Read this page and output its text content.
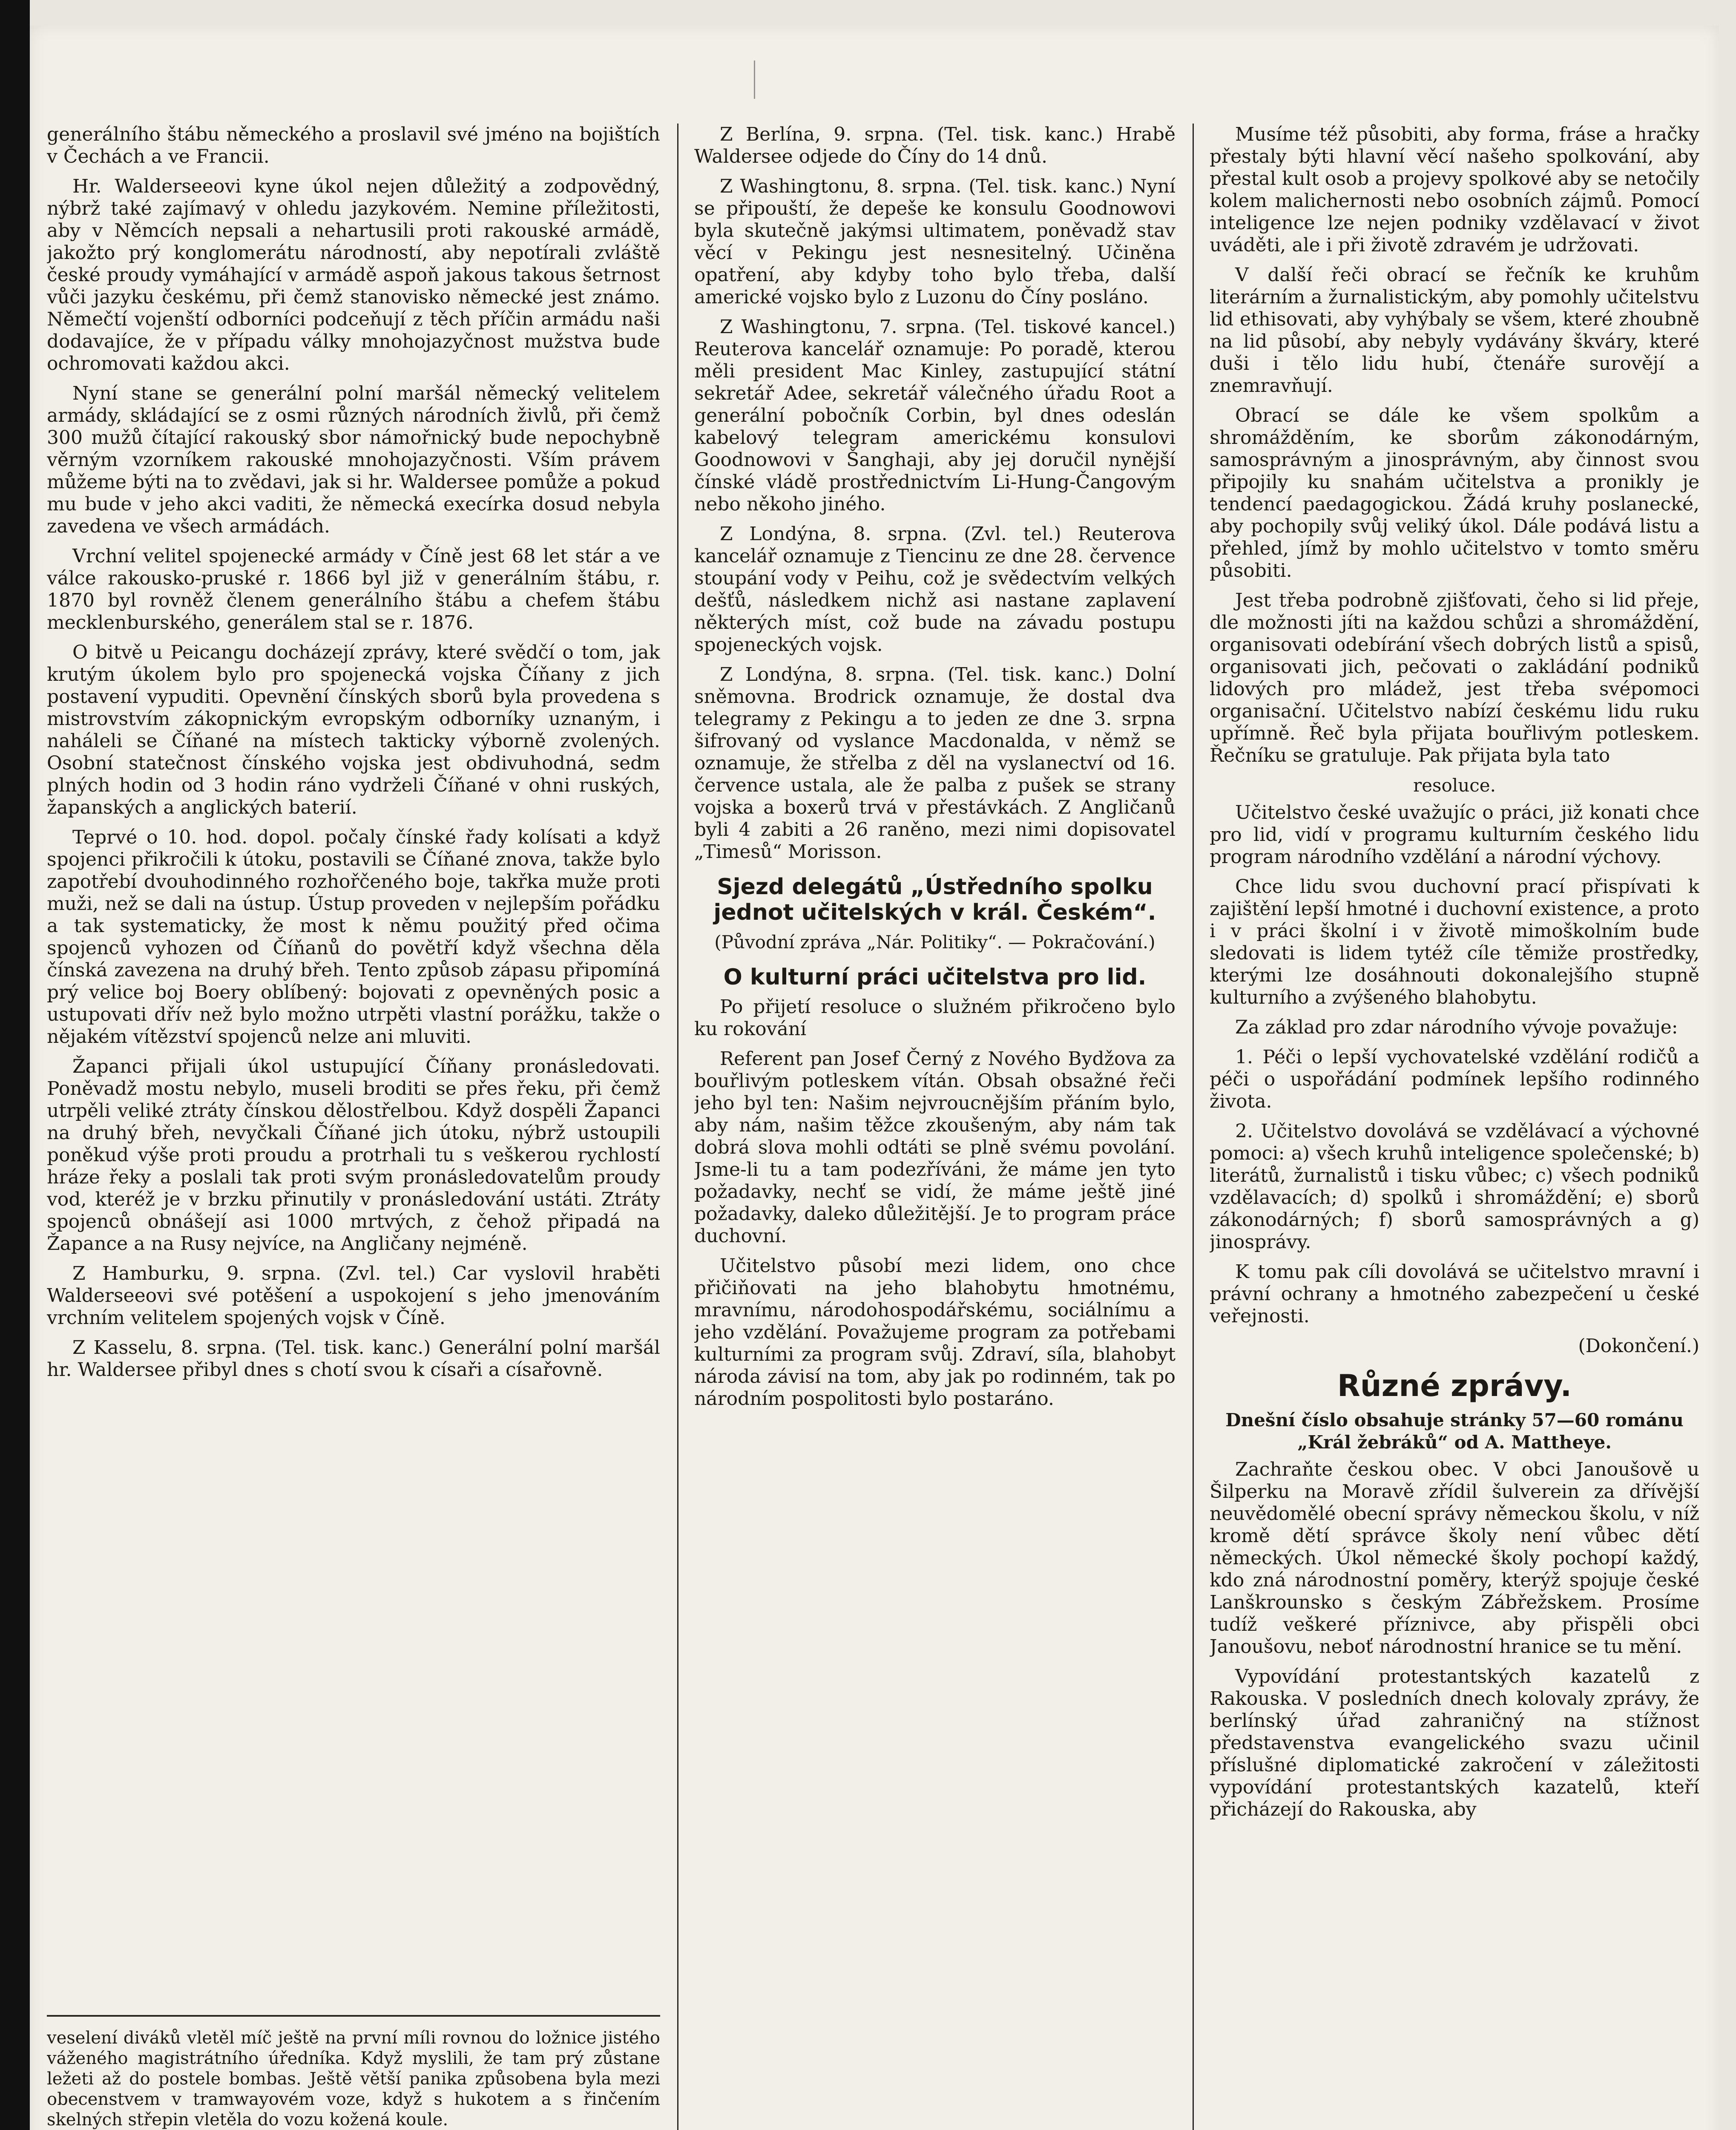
generálního štábu německého a proslavil své jméno na bojištích v Čechách a ve Francii.

Hr. Walderseeovi kyne úkol nejen důležitý a zodpovědný, nýbrž také zajímavý v ohledu jazykovém. Nemine příležitosti, aby v Němcích nepsali a nehartusili proti rakouské armádě, jakožto prý konglomerátu národností, aby nepotírali zvláště české proudy vymáhající v armádě aspoň jakous takous šetrnost vůči jazyku českému, při čemž stanovisko německé jest známo. Němečtí vojenští odborníci podceňují z těch příčin armádu naši dodavajíce, že v případu války mnohojazyčnost mužstva bude ochromovati každou akci.

Nyní stane se generální polní maršál německý velitelem armády, skládající se z osmi různých národních živlů, při čemž 300 mužů čítající rakouský sbor námořnický bude nepochybně věrným vzorníkem rakouské mnohojazyčnosti. Vším právem můžeme býti na to zvědavi, jak si hr. Waldersee pomůže a pokud mu bude v jeho akci vaditi, že německá execírka dosud nebyla zavedena ve všech armádách.

Vrchní velitel spojenecké armády v Číně jest 68 let stár a ve válce rakousko-pruské r. 1866 byl již v generálním štábu, r. 1870 byl rovněž členem generálního štábu a chefem štábu mecklenburského, generálem stal se r. 1876.

O bitvě u Peicangu docházejí zprávy, které svědčí o tom, jak krutým úkolem bylo pro spojenecká vojska Číňany z jich postavení vypuditi. Opevnění čínských sborů byla provedena s mistrovstvím zákopnickým evropským odborníky uznaným, i naháleli se Číňané na místech takticky výborně zvolených. Osobní statečnost čínského vojska jest obdivuhodná, sedm plných hodin od 3 hodin ráno vydrželi Číňané v ohni ruských, žapanských a anglických baterií.

Teprvé o 10. hod. dopol. počaly čínské řady kolísati a když spojenci přikročili k útoku, postavili se Číňané znova, takže bylo zapotřebí dvouhodinného rozhořčeného boje, takřka muže proti muži, než se dali na ústup. Ústup proveden v nejlepším pořádku a tak systematicky, že most k němu použitý před očima spojenců vyhozen od Číňanů do povětří když všechna děla čínská zavezena na druhý břeh. Tento způsob zápasu připomíná prý velice boj Boery oblíbený: bojovati z opevněných posic a ustupovati dřív než bylo možno utrpěti vlastní porážku, takže o nějakém vítězství spojenců nelze ani mluviti.

Žapanci přijali úkol ustupující Číňany pronásledovati. Poněvadž mostu nebylo, museli broditi se přes řeku, při čemž utrpěli veliké ztráty čínskou dělostřelbou. Když dospěli Žapanci na druhý břeh, nevyčkali Číňané jich útoku, nýbrž ustoupili poněkud výše proti proudu a protrhali tu s veškerou rychlostí hráze řeky a poslali tak proti svým pronásledovatelům proudy vod, kteréž je v brzku přinutily v pronásledování ustáti. Ztráty spojenců obnášejí asi 1000 mrtvých, z čehož připadá na Žapance a na Rusy nejvíce, na Angličany nejméně.

Z Hamburku, 9. srpna. (Zvl. tel.) Car vyslovil hraběti Walderseeovi své potěšení a uspokojení s jeho jmenováním vrchním velitelem spojených vojsk v Číně.

Z Kasselu, 8. srpna. (Tel. tisk. kanc.) Generální polní maršál hr. Waldersee přibyl dnes s chotí svou k císaři a císařovně.

veselení diváků vletěl míč ještě na první míli rovnou do ložnice jistého váženého magistrátního úředníka. Když myslili, že tam prý zůstane ležeti až do postele bombas. Ještě větší panika způsobena byla mezi obecenstvem v tramwayovém voze, když s hukotem a s řinčením skelných střepin vletěla do vozu kožená koule.

Z Berlína, 9. srpna. (Tel. tisk. kanc.) Hrabě Waldersee odjede do Číny do 14 dnů.

Z Washingtonu, 8. srpna. (Tel. tisk. kanc.) Nyní se připouští, že depeše ke konsulu Goodnowovi byla skutečně jakýmsi ultimatem, poněvadž stav věcí v Pekingu jest nesnesitelný. Učiněna opatření, aby kdyby toho bylo třeba, další americké vojsko bylo z Luzonu do Číny posláno.

Z Washingtonu, 7. srpna. (Tel. tiskové kancel.) Reuterova kancelář oznamuje: Po poradě, kterou měli president Mac Kinley, zastupující státní sekretář Adee, sekretář válečného úřadu Root a generální pobočník Corbin, byl dnes odeslán kabelový telegram americkému konsulovi Goodnowovi v Šanghaji, aby jej doručil nynější čínské vládě prostřednictvím Li-Hung-Čangovým nebo někoho jiného.

Z Londýna, 8. srpna. (Zvl. tel.) Reuterova kancelář oznamuje z Tiencinu ze dne 28. července stoupání vody v Peihu, což je svědectvím velkých dešťů, následkem nichž asi nastane zaplavení některých míst, což bude na závadu postupu spojeneckých vojsk.

Z Londýna, 8. srpna. (Tel. tisk. kanc.) Dolní sněmovna. Brodrick oznamuje, že dostal dva telegramy z Pekingu a to jeden ze dne 3. srpna šifrovaný od vyslance Macdonalda, v němž se oznamuje, že střelba z děl na vyslanectví od 16. července ustala, ale že palba z pušek se strany vojska a boxerů trvá v přestávkách. Z Angličanů byli 4 zabiti a 26 raněno, mezi nimi dopisovatel „Timesů“ Morisson.

Sjezd delegátů „Ústředního spolku jednot učitelských v král. Českém“.
(Původní zpráva „Nár. Politiky“. — Pokračování.)
O kulturní práci učitelstva pro lid.

Po přijetí resoluce o služném přikročeno bylo ku rokování

Referent pan Josef Černý z Nového Bydžova za bouřlivým potleskem vítán. Obsah obsažné řeči jeho byl ten: Našim nejvroucnějším přáním bylo, aby nám, našim těžce zkoušeným, aby nám tak dobrá slova mohli odtáti se plně svému povolání. Jsme-li tu a tam podezříváni, že máme jen tyto požadavky, nechť se vidí, že máme ještě jiné požadavky, daleko důležitější. Je to program práce duchovní.

Učitelstvo působí mezi lidem, ono chce přičiňovati na jeho blahobytu hmotnému, mravnímu, národohospodářskému, sociálnímu a jeho vzdělání. Považujeme program za potřebami kulturními za program svůj. Zdraví, síla, blahobyt národa závisí na tom, aby jak po rodinném, tak po národním pospolitosti bylo postaráno.

Musíme též působiti, aby forma, fráse a hračky přestaly býti hlavní věcí našeho spolkování, aby přestal kult osob a projevy spolkové aby se netočily kolem malichernosti nebo osobních zájmů. Pomocí inteligence lze nejen podniky vzdělavací v život uváděti, ale i při životě zdravém je udržovati.

V další řeči obrací se řečník ke kruhům literárním a žurnalistickým, aby pomohly učitelstvu lid ethisovati, aby vyhýbaly se všem, které zhoubně na lid působí, aby nebyly vydávány škváry, které duši i tělo lidu hubí, čtenáře surovějí a znemravňují.

Obrací se dále ke všem spolkům a shromážděním, ke sborům zákonodárným, samosprávným a jinosprávným, aby činnost svou připojily ku snahám učitelstva a pronikly je tendencí paedagogickou. Žádá kruhy poslanecké, aby pochopily svůj veliký úkol. Dále podává listu a přehled, jímž by mohlo učitelstvo v tomto směru působiti.

Jest třeba podrobně zjišťovati, čeho si lid přeje, dle možnosti jíti na každou schůzi a shromáždění, organisovati odebírání všech dobrých listů a spisů, organisovati jich, pečovati o zakládání podniků lidových pro mládež, jest třeba svépomoci organisační. Učitelstvo nabízí českému lidu ruku upřímně. Řeč byla přijata bouřlivým potleskem. Řečníku se gratuluje. Pak přijata byla tato

resoluce.

Učitelstvo české uvažujíc o práci, již konati chce pro lid, vidí v programu kulturním českého lidu program národního vzdělání a národní výchovy.

Chce lidu svou duchovní prací přispívati k zajištění lepší hmotné i duchovní existence, a proto i v práci školní i v životě mimoškolním bude sledovati is lidem tytéž cíle těmiže prostředky, kterými lze dosáhnouti dokonalejšího stupně kulturního a zvýšeného blahobytu.

Za základ pro zdar národního vývoje považuje:

1. Péči o lepší vychovatelské vzdělání rodičů a péči o uspořádání podmínek lepšího rodinného života.

2. Učitelstvo dovolává se vzdělávací a výchovné pomoci: a) všech kruhů inteligence společenské; b) literátů, žurnalistů i tisku vůbec; c) všech podniků vzdělavacích; d) spolků i shromáždění; e) sborů zákonodárných; f) sborů samosprávných a g) jinosprávy.

K tomu pak cíli dovolává se učitelstvo mravní i právní ochrany a hmotného zabezpečení u české veřejnosti.

(Dokončení.)
Různé zprávy.
Dnešní číslo obsahuje stránky 57—60 románu „Král žebráků“ od A. Mattheye.

Zachraňte českou obec. V obci Janoušově u Šilperku na Moravě zřídil šulverein za dřívější neuvědomělé obecní správy německou školu, v níž kromě dětí správce školy není vůbec dětí německých. Úkol německé školy pochopí každý, kdo zná národnostní poměry, kterýž spojuje české Lanškrounsko s českým Zábřežskem. Prosíme tudíž veškeré příznivce, aby přispěli obci Janoušovu, neboť národnostní hranice se tu mění.

Vypovídání protestantských kazatelů z Rakouska. V posledních dnech kolovaly zprávy, že berlínský úřad zahraničný na stížnost představenstva evangelického svazu učinil příslušné diplomatické zakročení v záležitosti vypovídání protestantských kazatelů, kteří přicházejí do Rakouska, aby
